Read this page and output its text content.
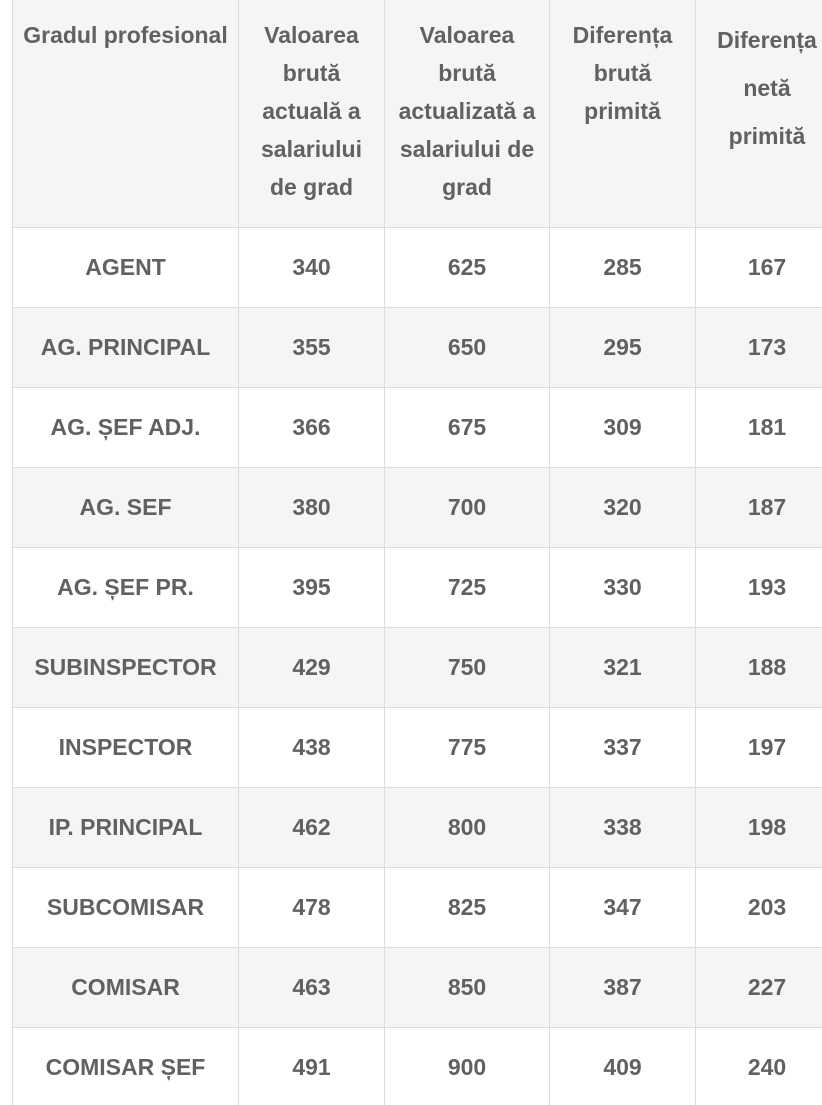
Gradul profesional	Valoarea brută actuală a salariului de grad	Valoarea brută actualizată a salariului de grad	Diferența brută primită	Diferența netă primită

AGENT	340	625	285	167
AG. PRINCIPAL	355	650	295	173
AG. ȘEF ADJ.	366	675	309	181
AG. SEF	380	700	320	187
AG. ȘEF PR.	395	725	330	193
SUBINSPECTOR	429	750	321	188
INSPECTOR	438	775	337	197
IP. PRINCIPAL	462	800	338	198
SUBCOMISAR	478	825	347	203
COMISAR	463	850	387	227
COMISAR ȘEF	491	900	409	240
